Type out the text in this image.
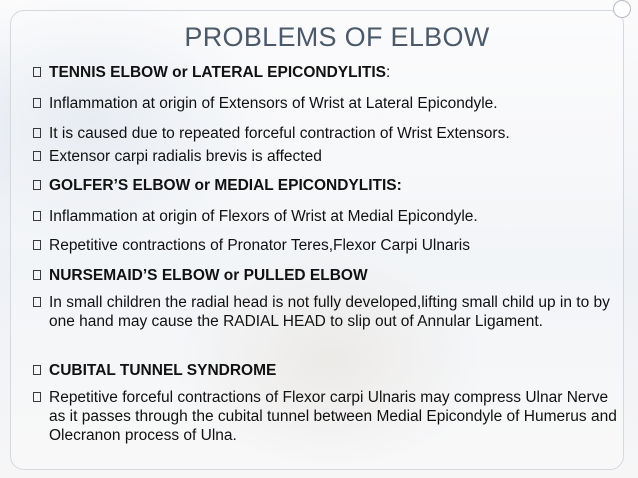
PROBLEMS OF ELBOW
TENNIS ELBOW or LATERAL EPICONDYLITIS:
Inflammation at origin of Extensors of Wrist at Lateral Epicondyle.
It is caused due to repeated forceful contraction of Wrist Extensors.
Extensor carpi radialis brevis is affected
GOLFER’S ELBOW or MEDIAL EPICONDYLITIS:
Inflammation at origin of Flexors of Wrist at Medial Epicondyle.
Repetitive contractions of Pronator Teres,Flexor Carpi Ulnaris
NURSEMAID’S ELBOW or PULLED ELBOW
In small children the radial head is not fully developed,lifting small child up in to by one hand may cause the RADIAL HEAD to slip out of Annular Ligament.
CUBITAL TUNNEL SYNDROME
Repetitive forceful contractions of Flexor carpi Ulnaris may compress Ulnar Nerve as it passes through the cubital tunnel between Medial Epicondyle of Humerus and Olecranon process of Ulna.
